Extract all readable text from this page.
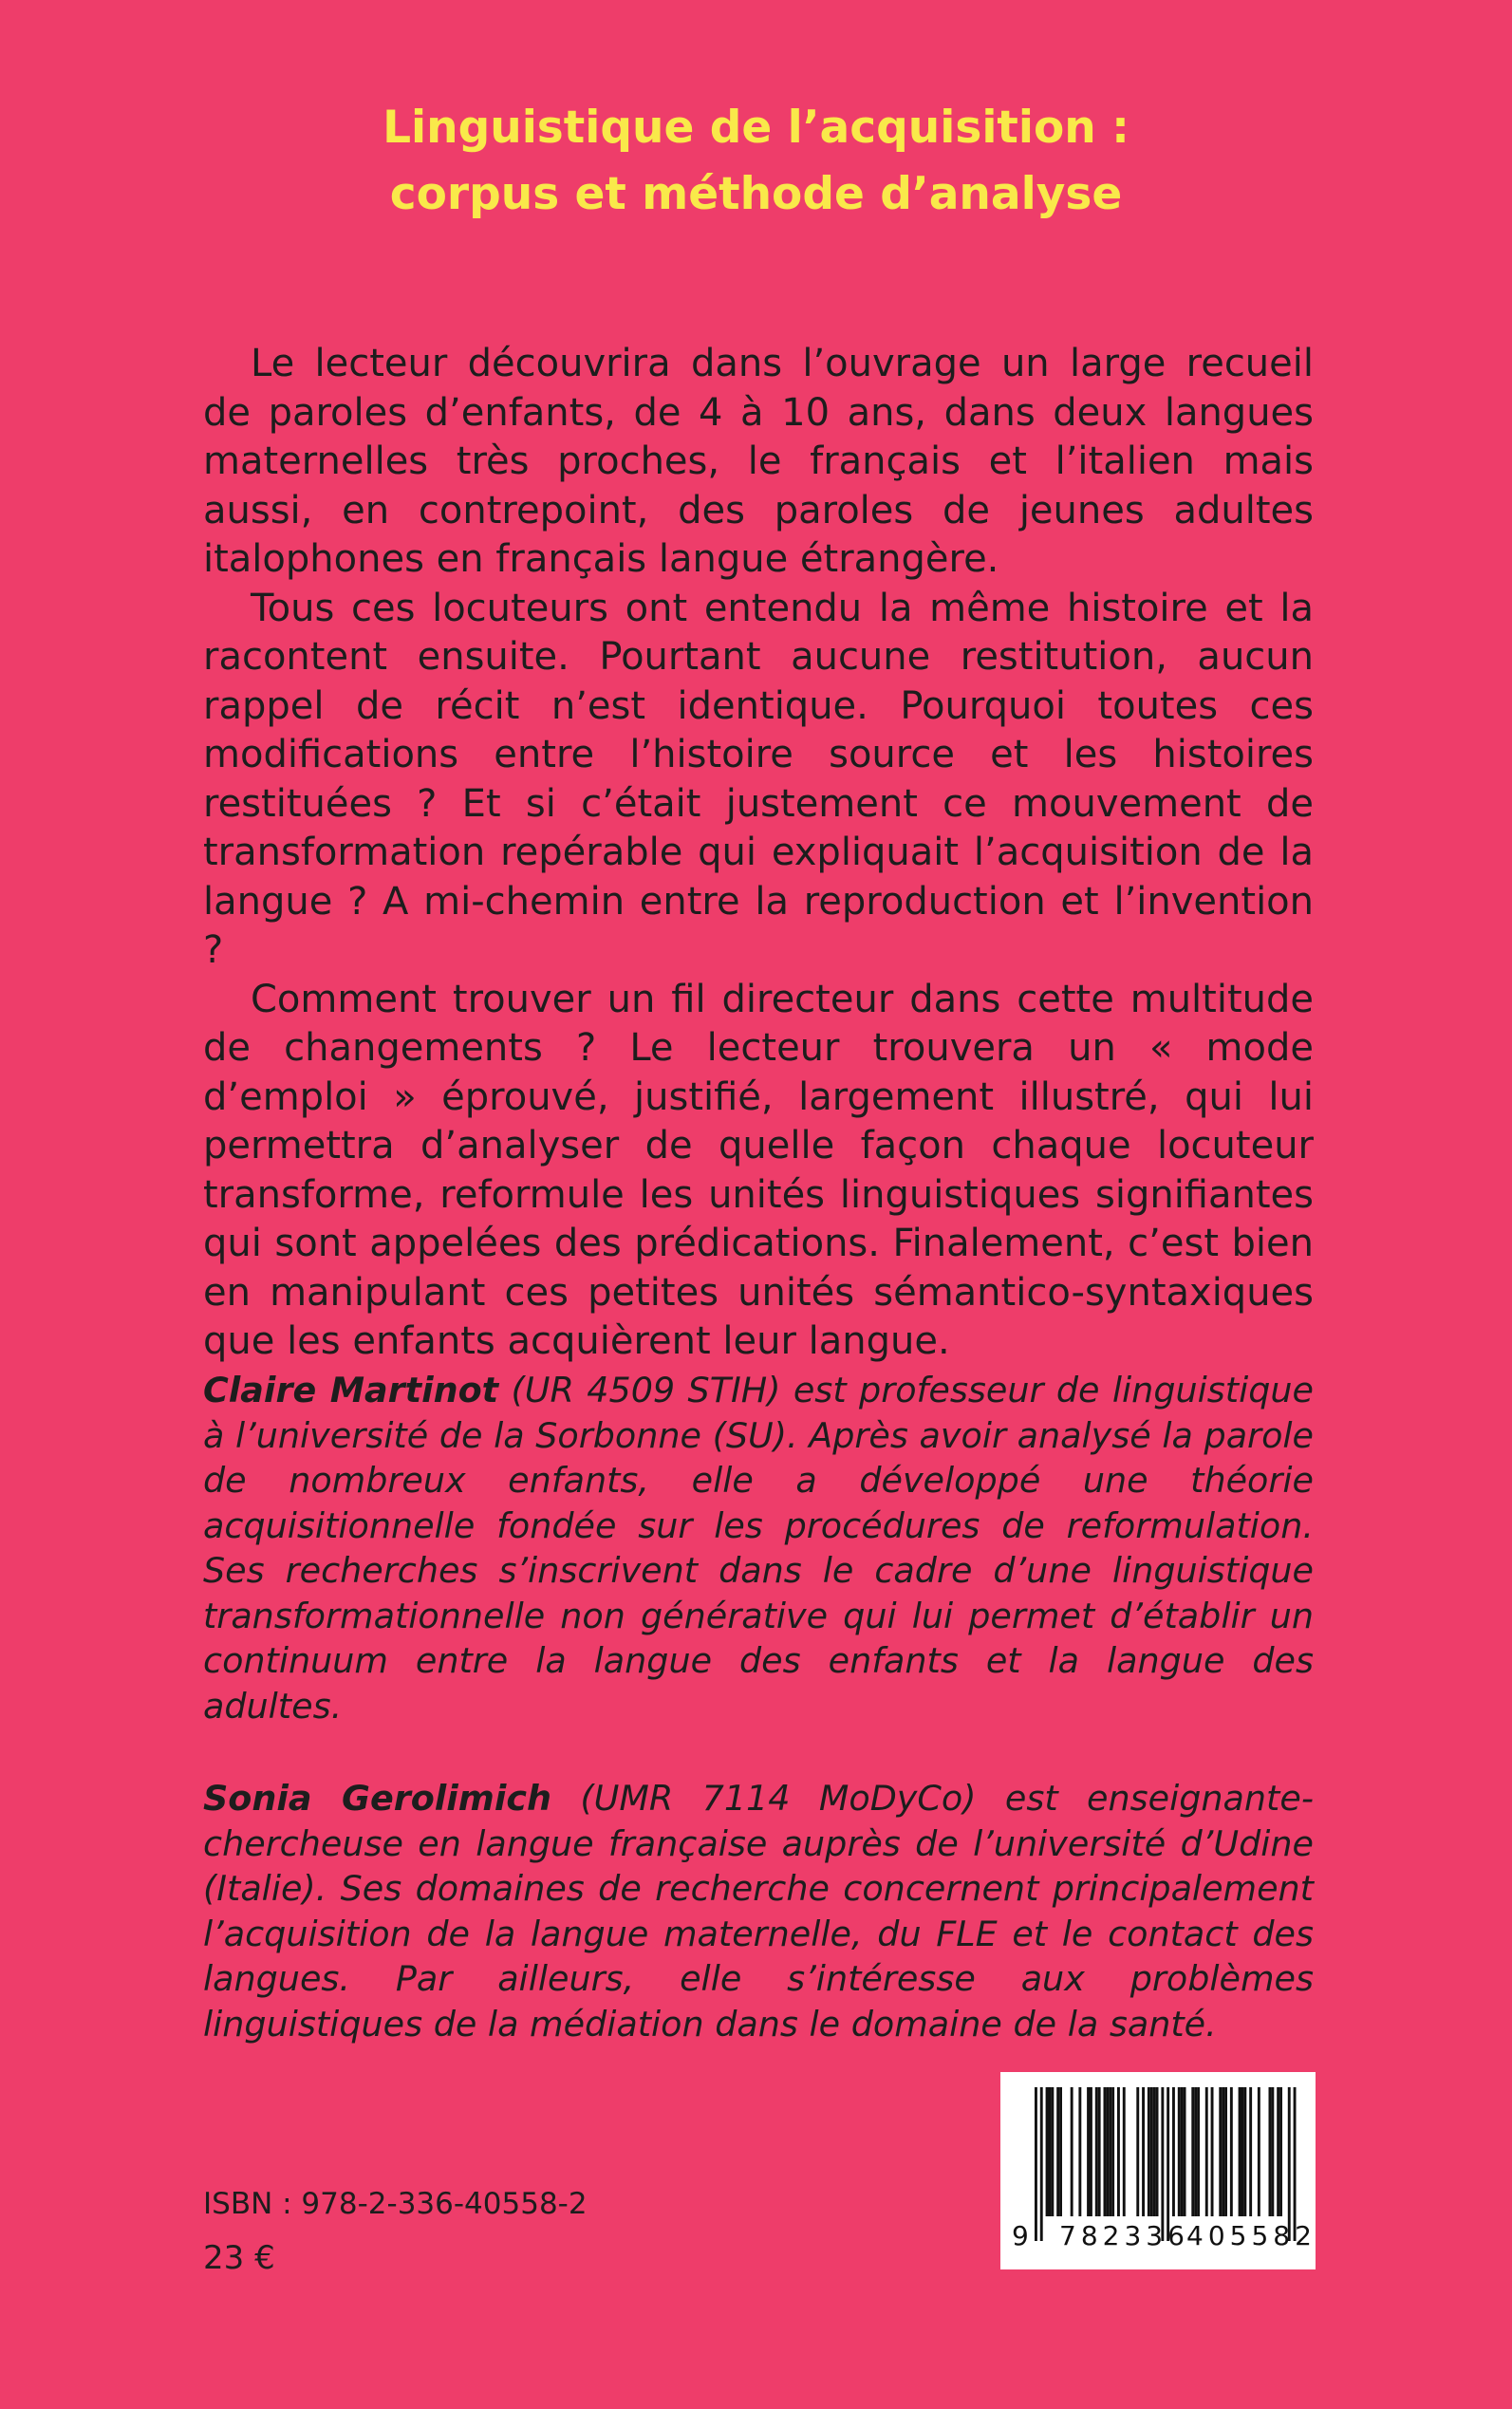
Linguistique de l’acquisition :
corpus et méthode d’analyse

Le lecteur découvrira dans l’ouvrage un large recueil de paroles d’enfants, de 4 à 10 ans, dans deux langues maternelles très proches, le français et l’italien mais aussi, en contrepoint, des paroles de jeunes adultes italophones en français langue étrangère.

Tous ces locuteurs ont entendu la même histoire et la racontent ensuite. Pourtant aucune restitution, aucun rappel de récit n’est identique. Pourquoi toutes ces modifications entre l’histoire source et les histoires restituées ? Et si c’était justement ce mouvement de transformation repérable qui expliquait l’acquisition de la langue ? A mi-chemin entre la reproduction et l’invention ?

Comment trouver un fil directeur dans cette multitude de changements ? Le lecteur trouvera un « mode d’emploi » éprouvé, justifié, largement illustré, qui lui permettra d’analyser de quelle façon chaque locuteur transforme, reformule les unités linguistiques signifiantes qui sont appelées des prédications. Finalement, c’est bien en manipulant ces petites unités sémantico-syntaxiques que les enfants acquièrent leur langue.

Claire Martinot (UR 4509 STIH) est professeur de linguistique à l’université de la Sorbonne (SU). Après avoir analysé la parole de nombreux enfants, elle a développé une théorie acquisitionnelle fondée sur les procédures de reformulation. Ses recherches s’inscrivent dans le cadre d’une linguistique transformationnelle non générative qui lui permet d’établir un continuum entre la langue des enfants et la langue des adultes.

Sonia Gerolimich (UMR 7114 MoDyCo) est enseignante-chercheuse en langue française auprès de l’université d’Udine (Italie). Ses domaines de recherche concernent principalement l’acquisition de la langue maternelle, du FLE et le contact des langues. Par ailleurs, elle s’intéresse aux problèmes linguistiques de la médiation dans le domaine de la santé.

ISBN : 978-2-336-40558-2
23 €
9 782336
405582
